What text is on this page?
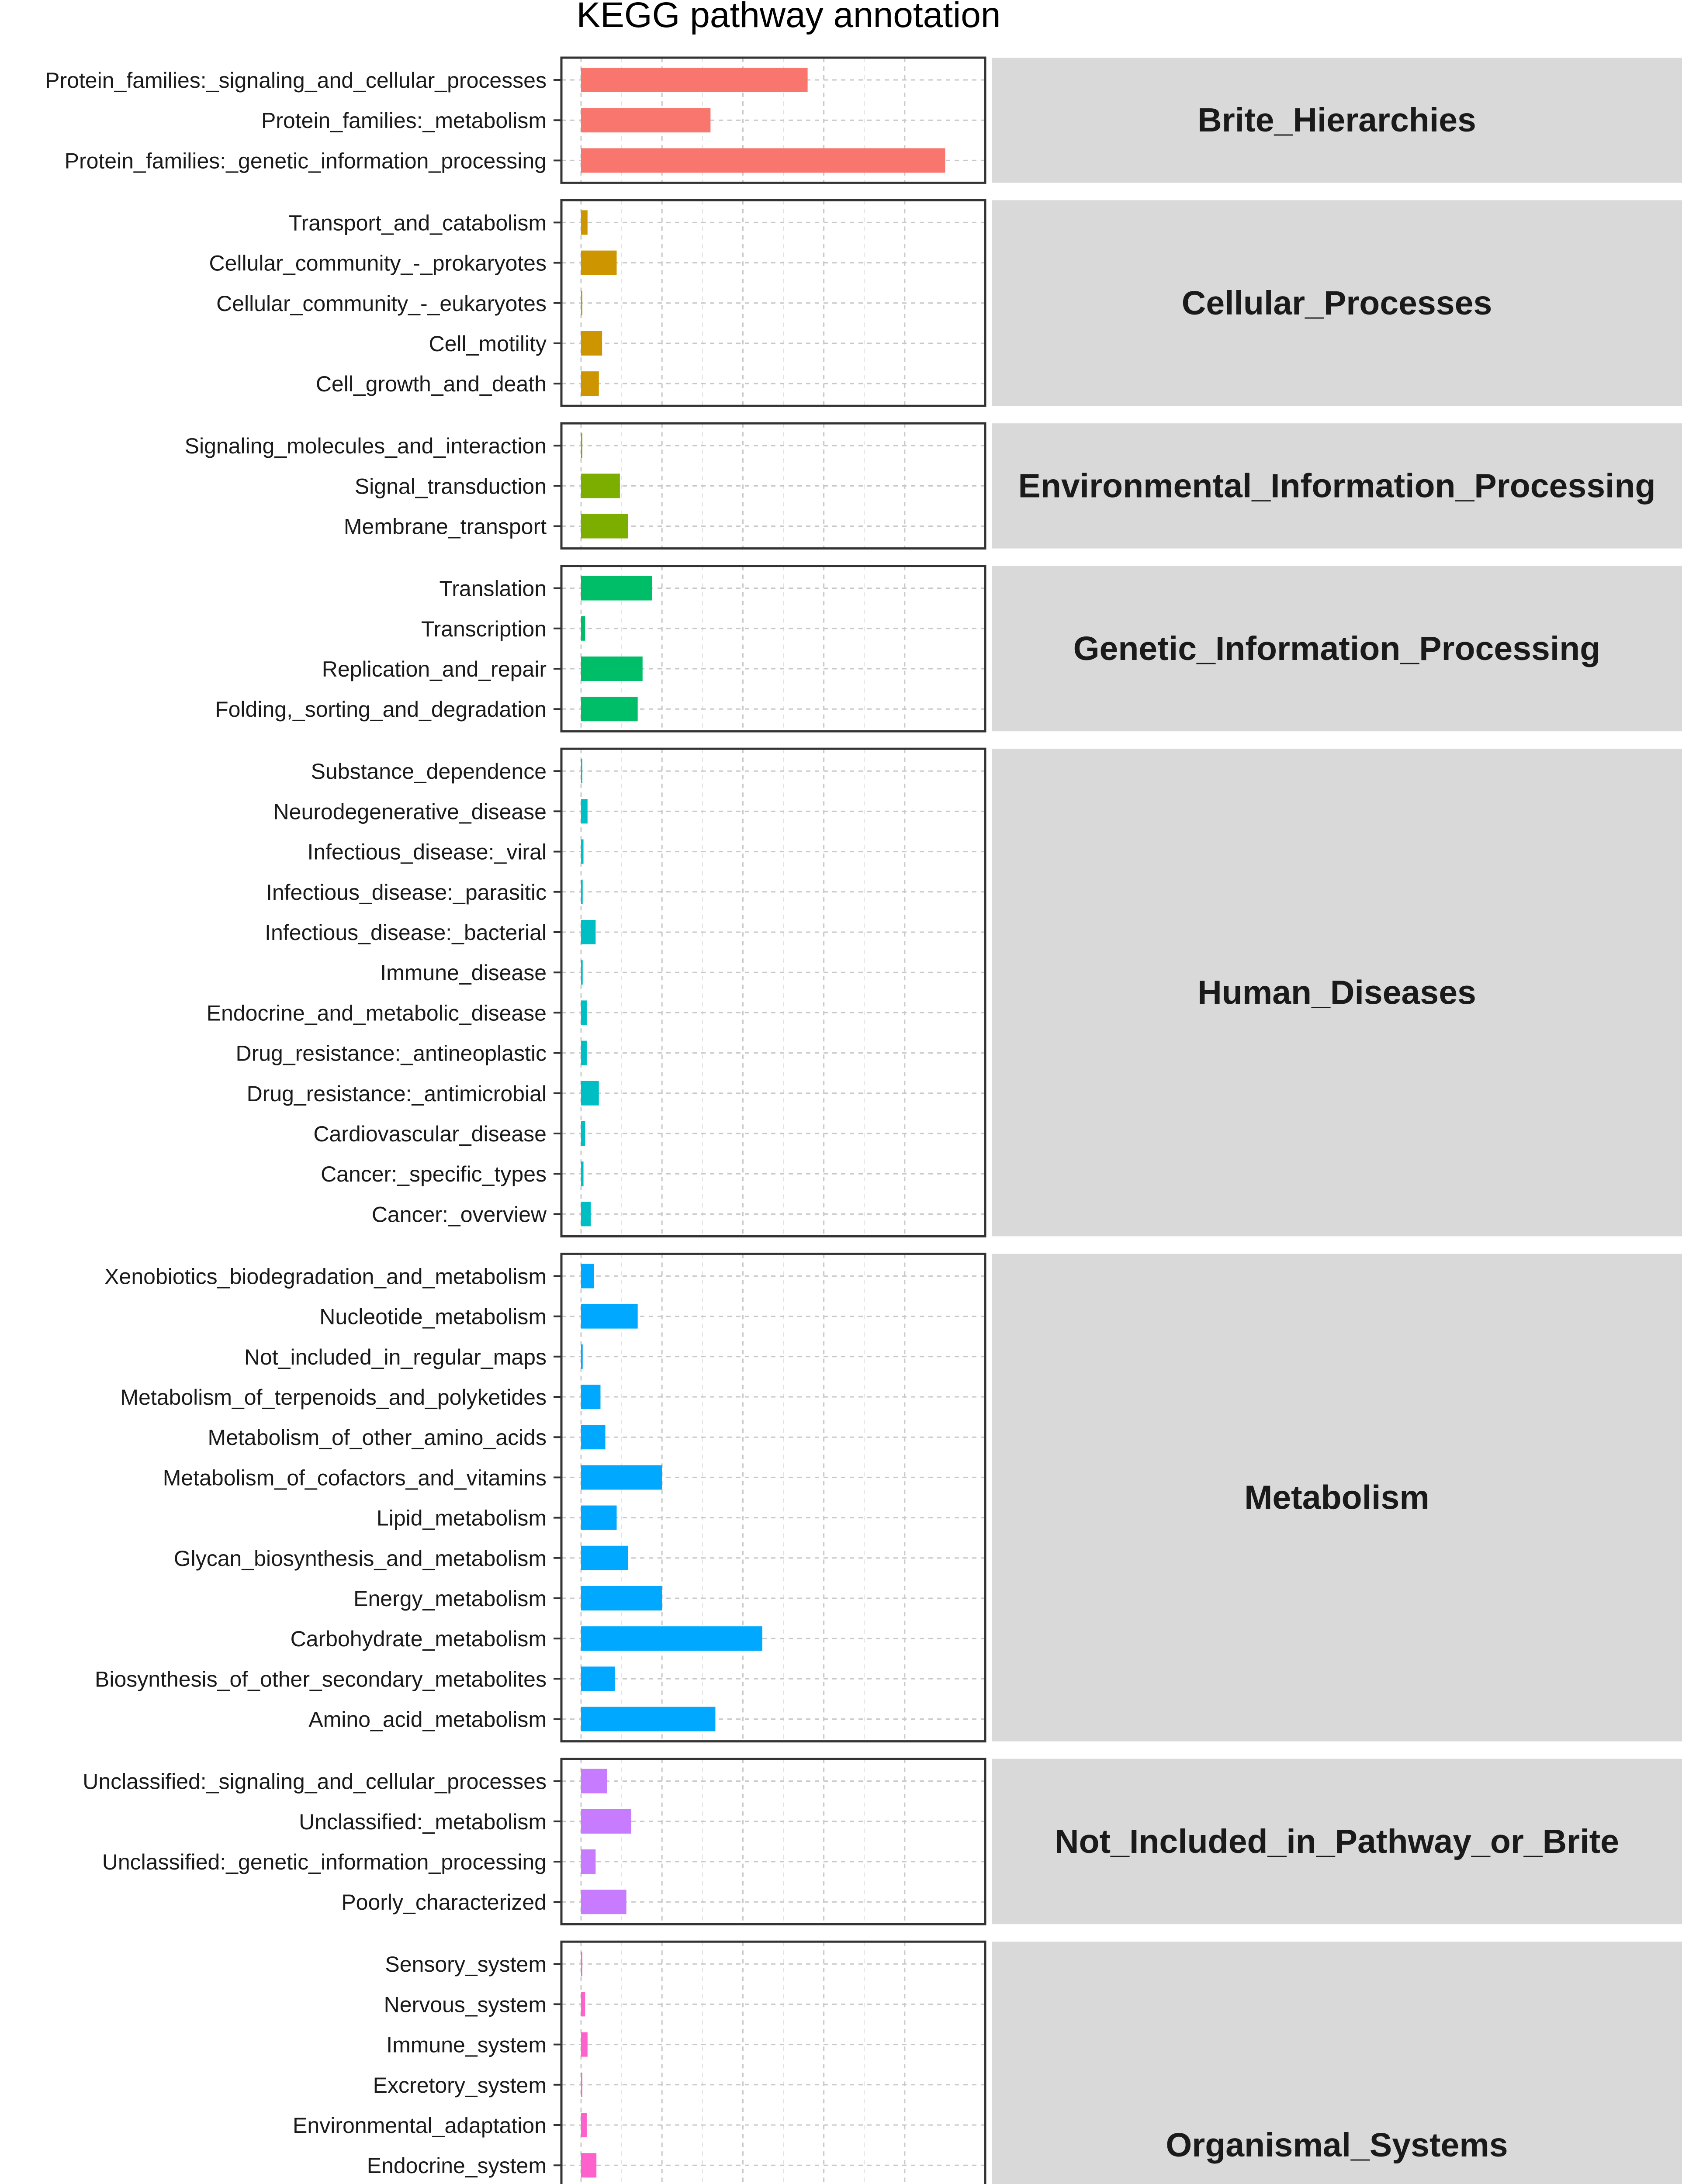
KEGG pathway annotation
Brite_Hierarchies
Protein_families:_signaling_and_cellular_processes
Protein_families:_metabolism
Protein_families:_genetic_information_processing
Cellular_Processes
Transport_and_catabolism
Cellular_community_-_prokaryotes
Cellular_community_-_eukaryotes
Cell_motility
Cell_growth_and_death
Environmental_Information_Processing
Signaling_molecules_and_interaction
Signal_transduction
Membrane_transport
Genetic_Information_Processing
Translation
Transcription
Replication_and_repair
Folding,_sorting_and_degradation
Human_Diseases
Substance_dependence
Neurodegenerative_disease
Infectious_disease:_viral
Infectious_disease:_parasitic
Infectious_disease:_bacterial
Immune_disease
Endocrine_and_metabolic_disease
Drug_resistance:_antineoplastic
Drug_resistance:_antimicrobial
Cardiovascular_disease
Cancer:_specific_types
Cancer:_overview
Metabolism
Xenobiotics_biodegradation_and_metabolism
Nucleotide_metabolism
Not_included_in_regular_maps
Metabolism_of_terpenoids_and_polyketides
Metabolism_of_other_amino_acids
Metabolism_of_cofactors_and_vitamins
Lipid_metabolism
Glycan_biosynthesis_and_metabolism
Energy_metabolism
Carbohydrate_metabolism
Biosynthesis_of_other_secondary_metabolites
Amino_acid_metabolism
Not_Included_in_Pathway_or_Brite
Unclassified:_signaling_and_cellular_processes
Unclassified:_metabolism
Unclassified:_genetic_information_processing
Poorly_characterized
Organismal_Systems
Sensory_system
Nervous_system
Immune_system
Excretory_system
Environmental_adaptation
Endocrine_system
